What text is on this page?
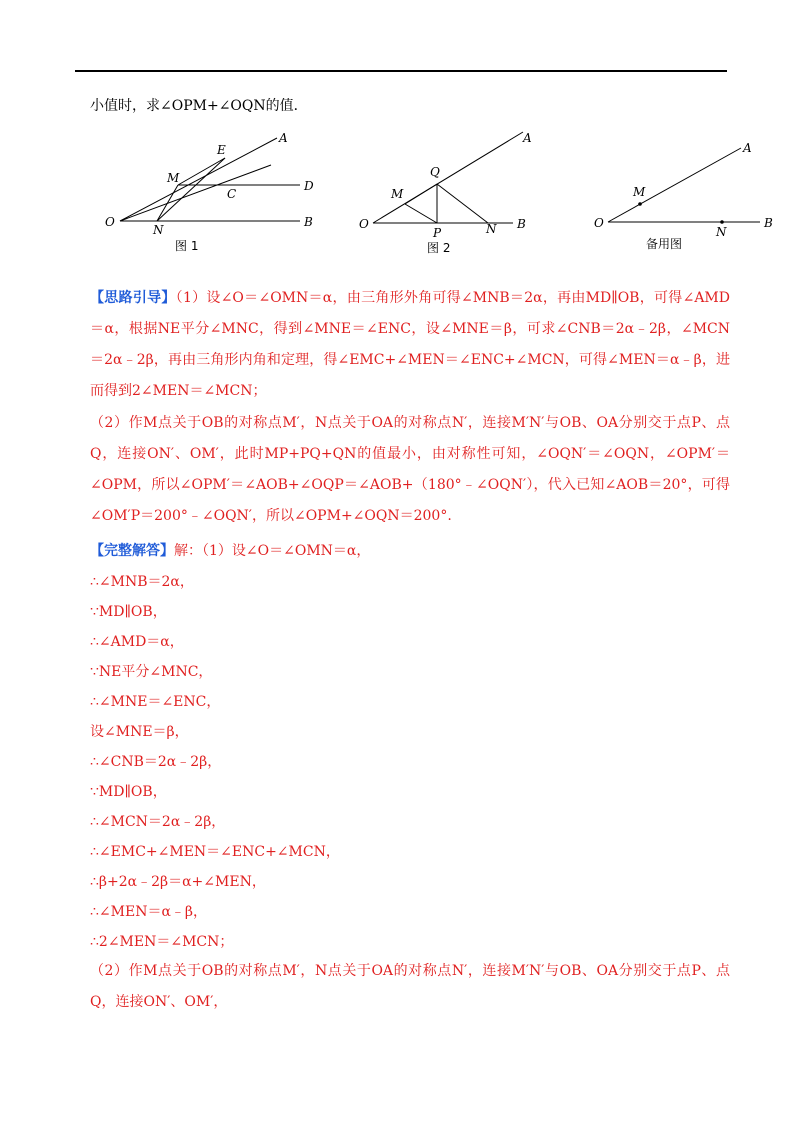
小值时，求∠OPM+∠OQN的值．
A
E
M
C
D
O
N
B
图 1
A
Q
M
O
P	N B
图 2
A
M
O
N
B
备用图
【思路引导】（1）设∠O＝∠OMN＝α，由三角形外角可得∠MNB＝2α，再由MD∥OB，可得∠AMD＝α，根据NE平分∠MNC，得到∠MNE＝∠ENC，设∠MNE＝β，可求∠CNB＝2α﹣2β，∠MCN＝2α﹣2β，再由三角形内角和定理，得∠EMC+∠MEN＝∠ENC+∠MCN，可得∠MEN＝α﹣β，进而得到2∠MEN＝∠MCN；
（2）作M点关于OB的对称点M′，N点关于OA的对称点N′，连接M′N′与OB、OA分别交于点P、点Q，连接ON′、OM′，此时MP+PQ+QN的值最小，由对称性可知，∠OQN′＝∠OQN，∠OPM′＝∠OPM，所以∠OPM′＝∠AOB+∠OQP＝∠AOB+（180°﹣∠OQN′），代入已知∠AOB＝20°，可得∠OM′P＝200°﹣∠OQN′，所以∠OPM+∠OQN＝200°.
【完整解答】解：（1）设∠O＝∠OMN＝α，
∴∠MNB＝2α，
∵MD∥OB，
∴∠AMD＝α，
∵NE平分∠MNC，
∴∠MNE＝∠ENC，
设∠MNE＝β，
∴∠CNB＝2α﹣2β，
∵MD∥OB，
∴∠MCN＝2α﹣2β，
∴∠EMC+∠MEN＝∠ENC+∠MCN，
∴β+2α﹣2β＝α+∠MEN，
∴∠MEN＝α﹣β，
∴2∠MEN＝∠MCN；
（2）作M点关于OB的对称点M′，N点关于OA的对称点N′，连接M′N′与OB、OA分别交于点P、点Q，连接ON′、OM′，
